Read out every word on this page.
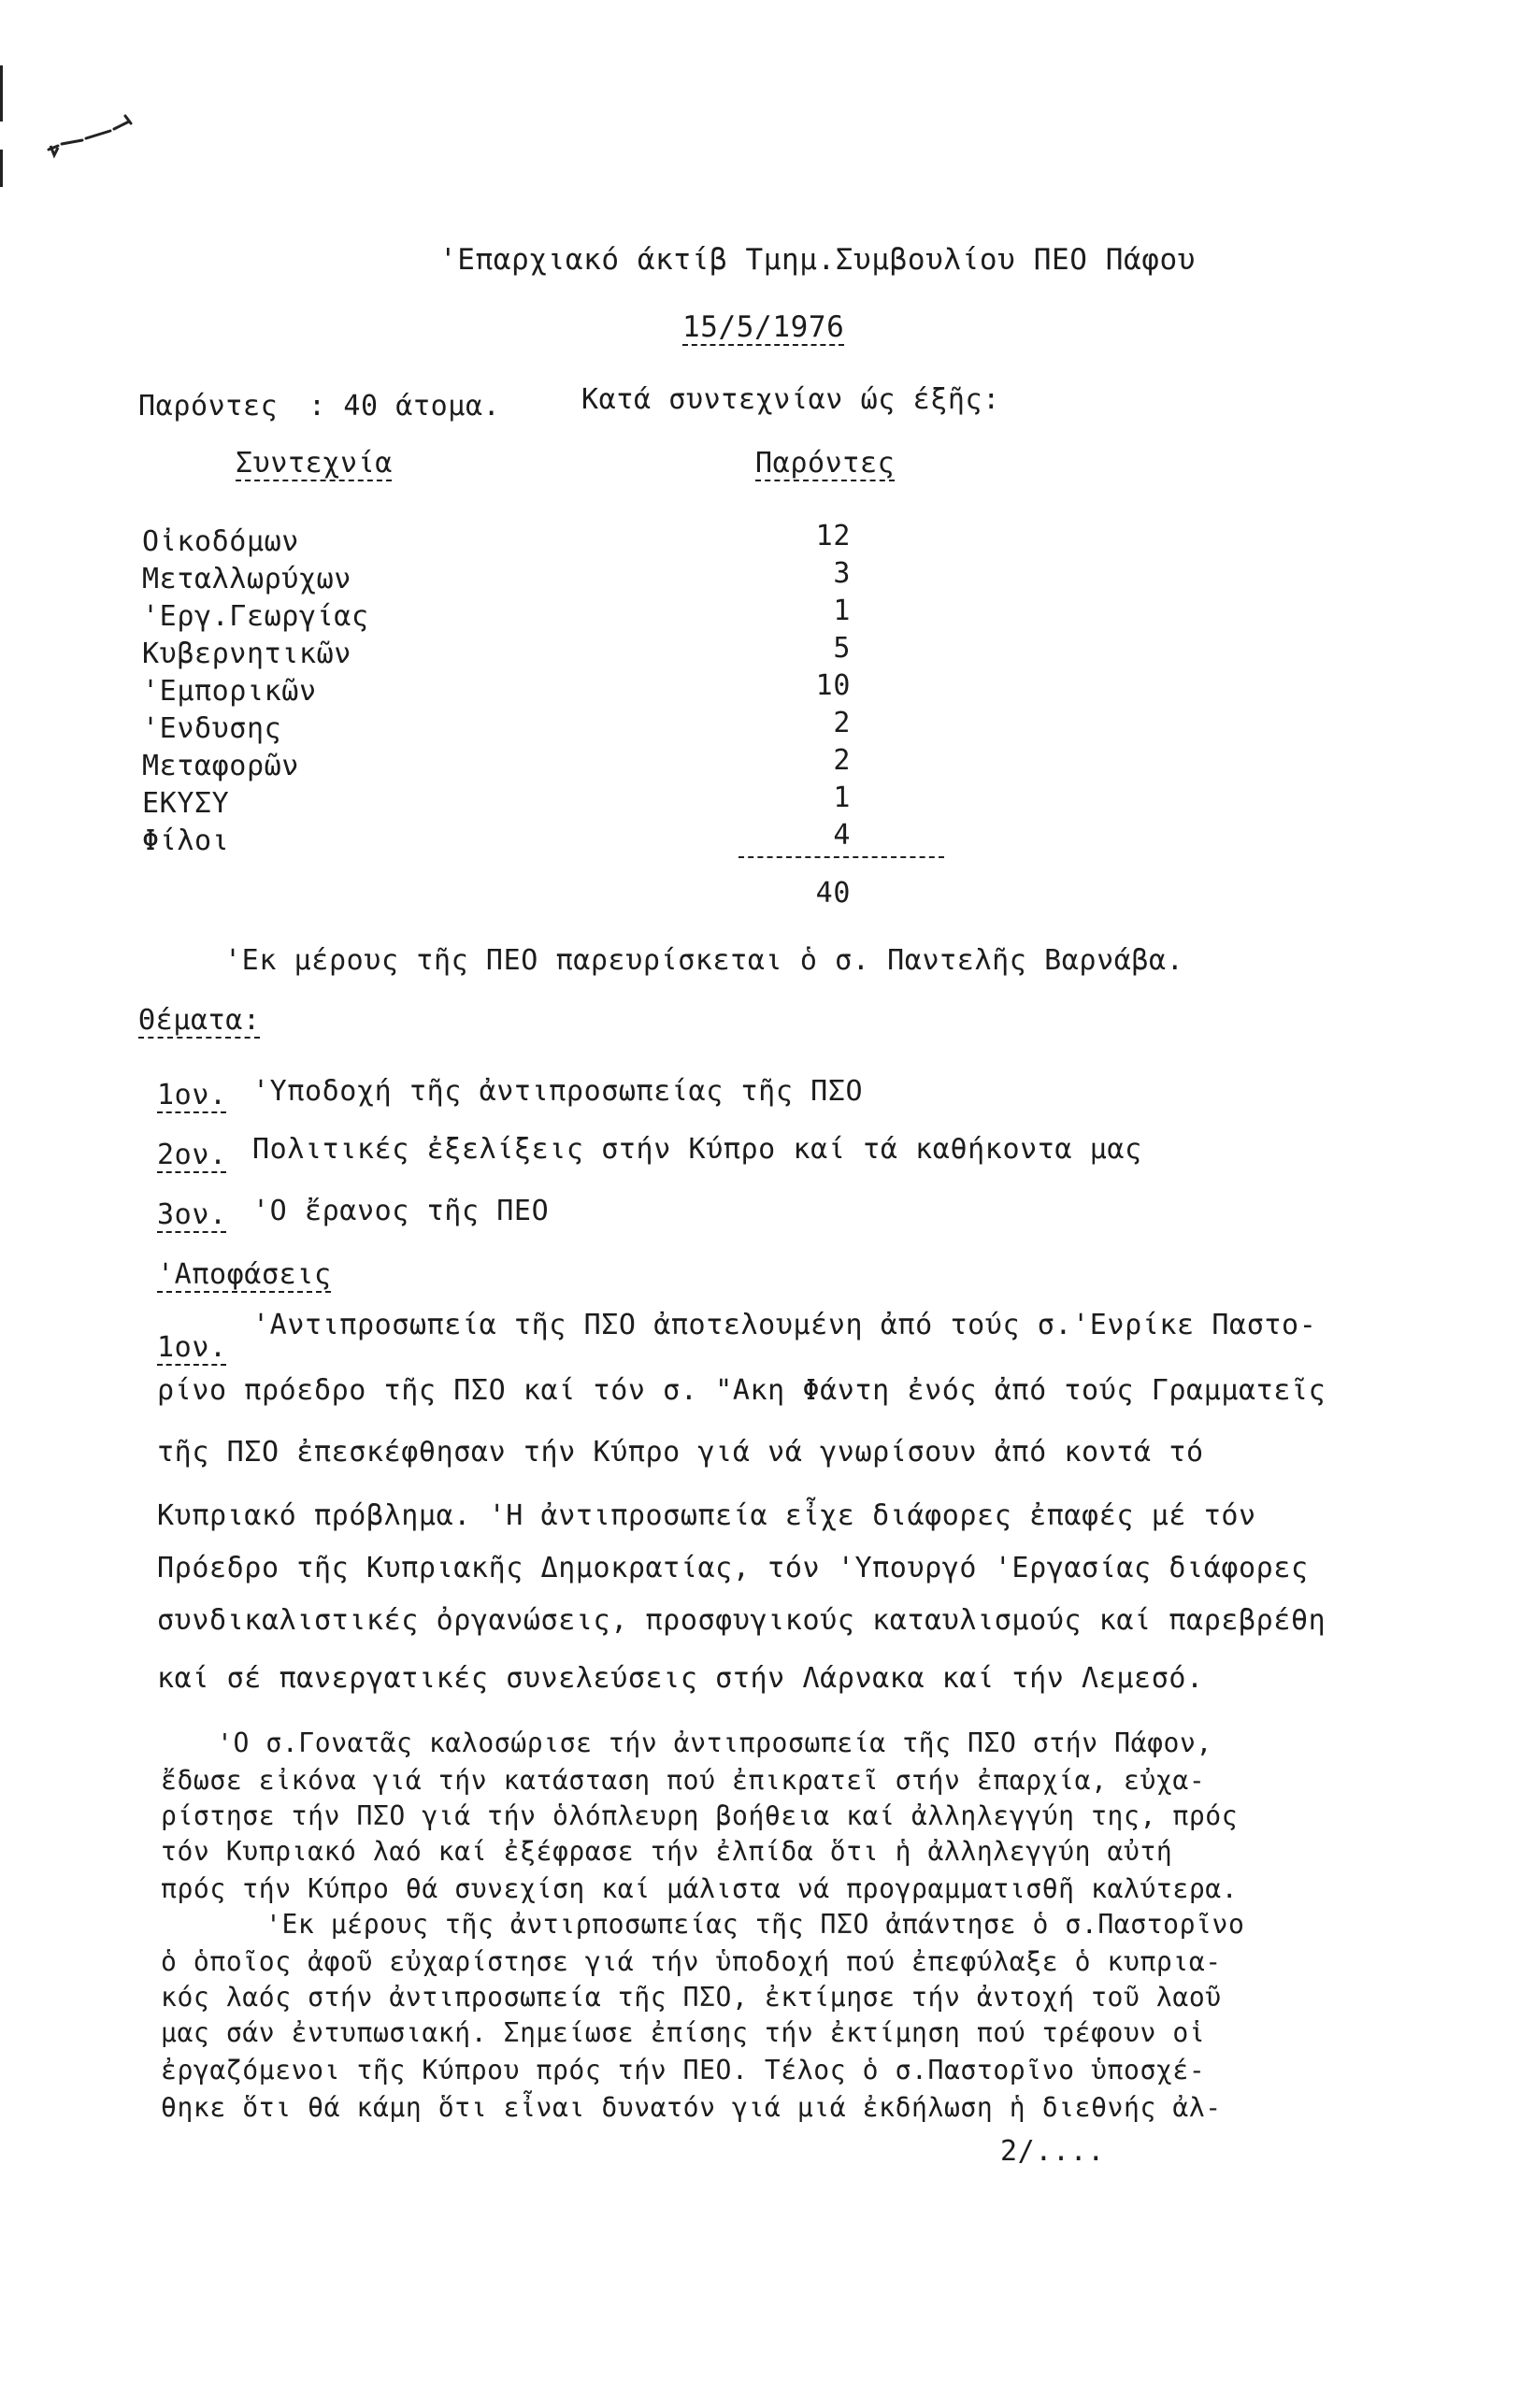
'Επαρχιακό άκτίβ Τμημ.Συμβουλίου ΠΕΟ Πάφου
15/5/1976
Παρόντες : 40 άτομα.	Κατά συντεχνίαν ώς έξῆς:
Συντεχνία	Παρόντες
Οἰκοδόμων	12
Μεταλλωρύχων	3
'Εργ.Γεωργίας	1
Κυβερνητικῶν	5
'Εμπορικῶν	10
'Ενδυσης	2
Μεταφορῶν	2
ΕΚΥΣΥ	1
Φίλοι	4
40
'Εκ μέρους τῆς ΠΕΟ παρευρίσκεται ὁ σ. Παντελῆς Βαρνάβα.
Θέματα:
1ον. 'Υποδοχή τῆς ἀντιπροσωπείας τῆς ΠΣΟ
2ον. Πολιτικές ἐξελίξεις στήν Κύπρο καί τά καθήκοντα μας
3ον. 'Ο ἔρανος τῆς ΠΕΟ
'Αποφάσεις
1ον.
'Αντιπροσωπεία τῆς ΠΣΟ ἀποτελουμένη ἀπό τούς σ.'Ενρίκε Παστο-
ρίνο πρόεδρο τῆς ΠΣΟ καί τόν σ. "Ακη Φάντη ἐνός ἀπό τούς Γραμματεῖς
τῆς ΠΣΟ ἐπεσκέφθησαν τήν Κύπρο γιά νά γνωρίσουν ἀπό κοντά τό
Κυπριακό πρόβλημα. 'Η ἀντιπροσωπεία εἶχε διάφορες ἐπαφές μέ τόν
Πρόεδρο τῆς Κυπριακῆς Δημοκρατίας, τόν 'Υπουργό 'Εργασίας διάφορες
συνδικαλιστικές ὀργανώσεις, προσφυγικούς καταυλισμούς καί παρεβρέθη
καί σέ πανεργατικές συνελεύσεις στήν Λάρνακα καί τήν Λεμεσό.
'Ο σ.Γονατᾶς καλοσώρισε τήν ἀντιπροσωπεία τῆς ΠΣΟ στήν Πάφον,
ἔδωσε εἰκόνα γιά τήν κατάσταση πού ἐπικρατεῖ στήν ἐπαρχία, εὐχα-
ρίστησε τήν ΠΣΟ γιά τήν ὁλόπλευρη βοήθεια καί ἀλληλεγγύη της, πρός
τόν Κυπριακό λαό καί ἐξέφρασε τήν ἐλπίδα ὅτι ἡ ἀλληλεγγύη αὐτή
πρός τήν Κύπρο θά συνεχίση καί μάλιστα νά προγραμματισθῆ καλύτερα.
'Εκ μέρους τῆς ἀντιρποσωπείας τῆς ΠΣΟ ἀπάντησε ὁ σ.Παστορῖνο
ὁ ὁποῖος ἀφοῦ εὐχαρίστησε γιά τήν ὑποδοχή πού ἐπεφύλαξε ὁ κυπρια-
κός λαός στήν ἀντιπροσωπεία τῆς ΠΣΟ, ἐκτίμησε τήν ἀντοχή τοῦ λαοῦ
μας σάν ἐντυπωσιακή. Σημείωσε ἐπίσης τήν ἐκτίμηση πού τρέφουν οἱ
ἐργαζόμενοι τῆς Κύπρου πρός τήν ΠΕΟ. Τέλος ὁ σ.Παστορῖνο ὑποσχέ-
θηκε ὅτι θά κάμη ὅτι εἶναι δυνατόν γιά μιά ἐκδήλωση ἡ διεθνής ἀλ-
2/....
